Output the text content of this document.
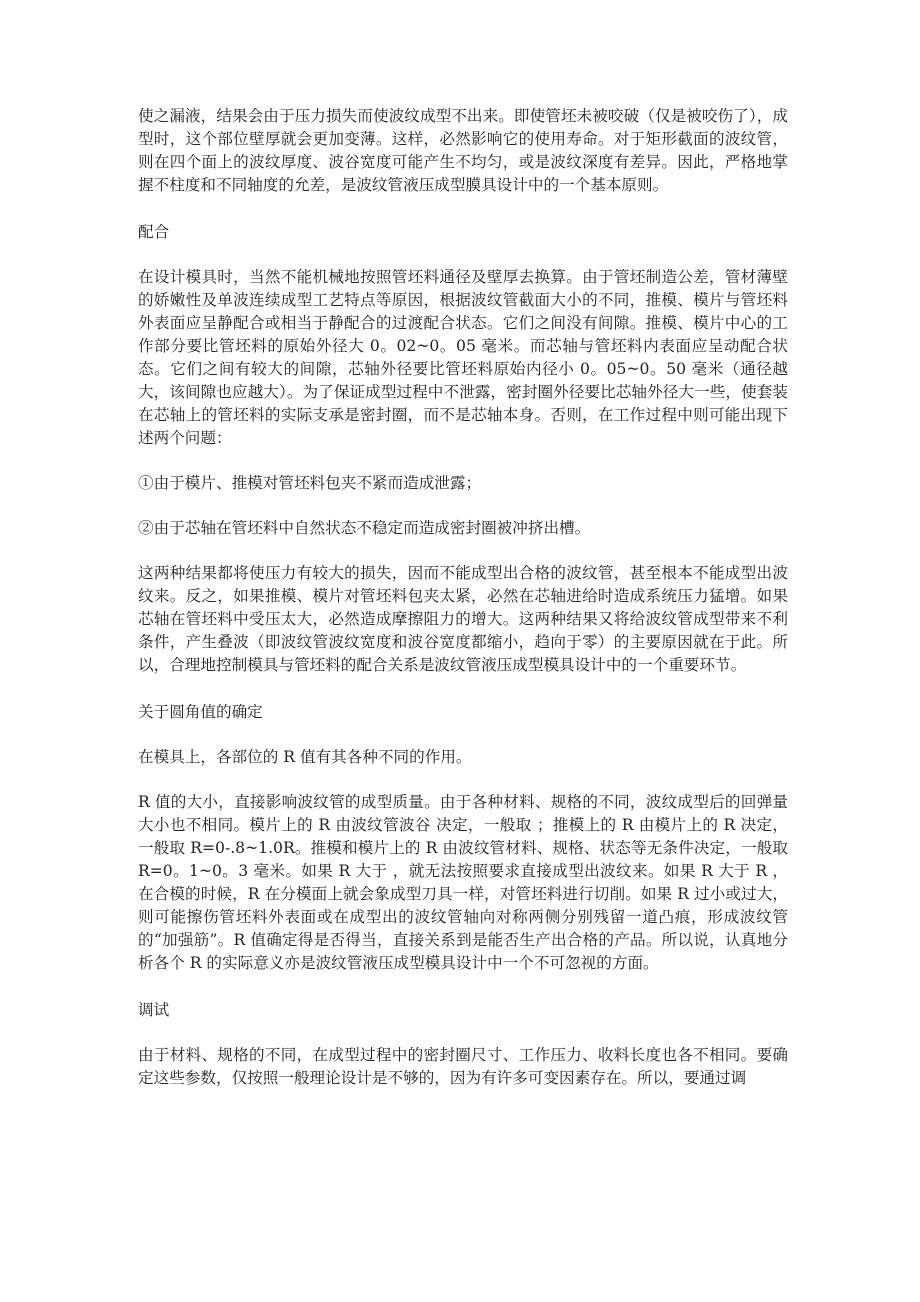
使之漏液，结果会由于压力损失而使波纹成型不出来。即使管坯未被咬破（仅是被咬伤了），成型时，这个部位壁厚就会更加变薄。这样，必然影响它的使用寿命。对于矩形截面的波纹管，则在四个面上的波纹厚度、波谷宽度可能产生不均匀，或是波纹深度有差异。因此，严格地掌握不柱度和不同轴度的允差，是波纹管液压成型膜具设计中的一个基本原则。

配合

在设计模具时，当然不能机械地按照管坯料通径及壁厚去换算。由于管坯制造公差，管材薄壁的娇嫩性及单波连续成型工艺特点等原因，根据波纹管截面大小的不同，推模、模片与管坯料外表面应呈静配合或相当于静配合的过渡配合状态。它们之间没有间隙。推模、模片中心的工作部分要比管坯料的原始外径大 0。02~0。05 毫米。而芯轴与管坯料内表面应呈动配合状态。它们之间有较大的间隙，芯轴外径要比管坯料原始内径小 0。05~0。50 毫米（通径越大，该间隙也应越大）。为了保证成型过程中不泄露，密封圈外径要比芯轴外径大一些，使套装在芯轴上的管坯料的实际支承是密封圈，而不是芯轴本身。否则，在工作过程中则可能出现下述两个问题：

①由于模片、推模对管坯料包夹不紧而造成泄露；

②由于芯轴在管坯料中自然状态不稳定而造成密封圈被冲挤出槽。

这两种结果都将使压力有较大的损失，因而不能成型出合格的波纹管，甚至根本不能成型出波纹来。反之，如果推模、模片对管坯料包夹太紧，必然在芯轴进给时造成系统压力猛增。如果芯轴在管坯料中受压太大，必然造成摩擦阻力的增大。这两种结果又将给波纹管成型带来不利条件，产生叠波（即波纹管波纹宽度和波谷宽度都缩小，趋向于零）的主要原因就在于此。所以，合理地控制模具与管坯料的配合关系是波纹管液压成型模具设计中的一个重要环节。

关于圆角值的确定

在模具上，各部位的 R 值有其各种不同的作用。

R 值的大小，直接影响波纹管的成型质量。由于各种材料、规格的不同，波纹成型后的回弹量大小也不相同。模片上的 R 由波纹管波谷 决定，一般取 ；推模上的 R 由模片上的 R 决定，一般取 R=0-.8~1.0R。推模和模片上的 R 由波纹管材料、规格、状态等无条件决定，一般取 R=0。1~0。3 毫米。如果 R 大于 ，就无法按照要求直接成型出波纹来。如果 R 大于 R ，在合模的时候，R 在分模面上就会象成型刀具一样，对管坯料进行切削。如果 R 过小或过大，则可能擦伤管坯料外表面或在成型出的波纹管轴向对称两侧分别残留一道凸痕，形成波纹管的“加强筋”。R 值确定得是否得当，直接关系到是能否生产出合格的产品。所以说，认真地分析各个 R 的实际意义亦是波纹管液压成型模具设计中一个不可忽视的方面。

调试

由于材料、规格的不同，在成型过程中的密封圈尺寸、工作压力、收料长度也各不相同。要确定这些参数，仅按照一般理论设计是不够的，因为有许多可变因素存在。所以，要通过调
